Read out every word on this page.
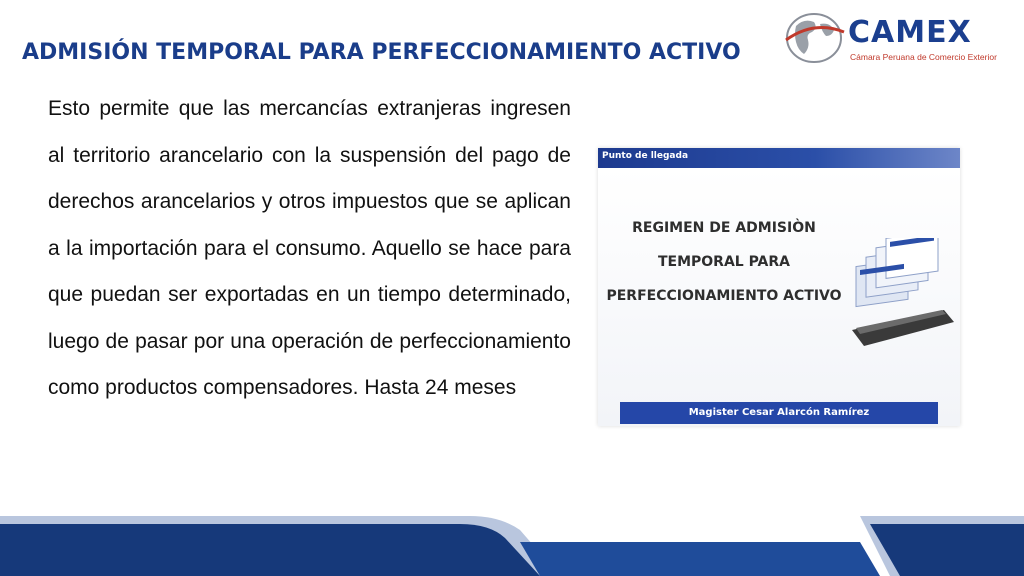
ADMISIÓN TEMPORAL PARA PERFECCIONAMIENTO ACTIVO
CAMEX
Cámara Peruana de Comercio Exterior

Esto permite que las mercancías extranjeras ingresen al territorio arancelario con la suspensión del pago de derechos arancelarios y otros impuestos que se aplican a la importación para el consumo. Aquello se hace para que puedan ser exportadas en un tiempo determinado, luego de pasar por una operación de perfeccionamiento como productos compensadores. Hasta 24 meses

Punto de llegada
REGIMEN DE ADMISIÒN
TEMPORAL PARA
PERFECCIONAMIENTO ACTIVO
Magister Cesar Alarcón Ramírez
